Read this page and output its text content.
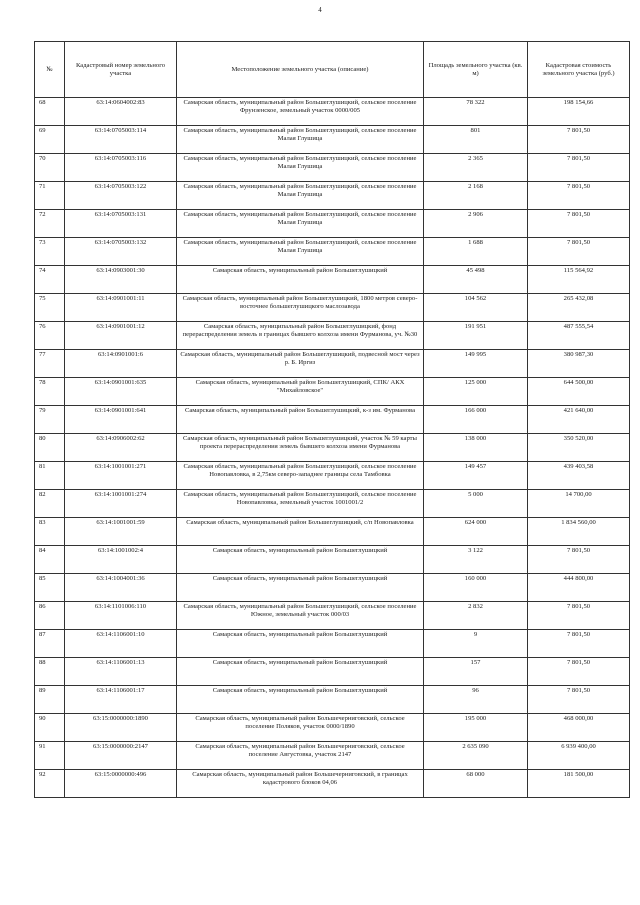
4
№	Кадастровый номер земельного участка	Местоположение земельного участка (описание)	Площадь земельного участка (кв. м)	Кадастровая стоимость земельного участка (руб.)
68	63:14:0604002:83	Самарская область, муниципальный район Большеглушицкий, сельское поселение Фрунзенское, земельный участок 0000/005	78 322	198 154,66
69	63:14:0705003:114	Самарская область, муниципальный район Большеглушицкий, сельское поселение Малая Глушица	801	7 801,50
70	63:14:0705003:116	Самарская область, муниципальный район Большеглушицкий, сельское поселение Малая Глушица	2 365	7 801,50
71	63:14:0705003:122	Самарская область, муниципальный район Большеглушицкий, сельское поселение Малая Глушица	2 168	7 801,50
72	63:14:0705003:131	Самарская область, муниципальный район Большеглушицкий, сельское поселение Малая Глушица	2 906	7 801,50
73	63:14:0705003:132	Самарская область, муниципальный район Большеглушицкий, сельское поселение Малая Глушица	1 688	7 801,50
74	63:14:0903001:30	Самарская область, муниципальный район Большеглушицкий	45 498	115 564,92
75	63:14:0901001:11	Самарская область, муниципальный район Большеглушицкий, 1800 метров северо-восточнее большеглушицкого маслозавода	104 562	265 432,08
76	63:14:0901001:12	Самарская область, муниципальный район Большеглушицкий, фонд перераспределения земель в границах бывшего колхоза имени Фурманова, уч. №30	191 951	487 555,54
77	63:14:0901001:6	Самарская область, муниципальный район Большеглушицкий, подвесной мост через р. Б. Иргиз	149 995	380 987,30
78	63:14:0901001:635	Самарская область, муниципальный район Большеглушицкий, СПК/ АКХ "Михайловское"	125 000	644 500,00
79	63:14:0901001:641	Самарская область, муниципальный район Большеглушицкий, к-з им. Фурманова	166 000	421 640,00
80	63:14:0906002:62	Самарская область, муниципальный район Большеглушицкий, участок № 59 карты проекта перераспределения земель бывшего колхоза имени Фурманова	138 000	350 520,00
81	63:14:1001001:271	Самарская область, муниципальный район Большеглушицкий, сельское поселение Новопавловка, в 2,75км северо-западнее границы села Тамбовка	149 457	439 403,58
82	63:14:1001001:274	Самарская область, муниципальный район Большеглушицкий, сельское поселение Новопавловка, земельный участок 1001001/2	5 000	14 700,00
83	63:14:1001001:59	Самарская область, муниципальный район Большеглушицкий, с/п Новопавловка	624 000	1 834 560,00
84	63:14:1001002:4	Самарская область, муниципальный район Большеглушицкий	3 122	7 801,50
85	63:14:1004001:36	Самарская область, муниципальный район Большеглушицкий	160 000	444 800,00
86	63:14:1101006:110	Самарская область, муниципальный район Большеглушицкий, сельское поселение Южное, земельный участок 000/03	2 832	7 801,50
87	63:14:1106001:10	Самарская область, муниципальный район Большеглушицкий	9	7 801,50
88	63:14:1106001:13	Самарская область, муниципальный район Большеглушицкий	157	7 801,50
89	63:14:1106001:17	Самарская область, муниципальный район Большеглушицкий	96	7 801,50
90	63:15:0000000:1890	Самарская область, муниципальный район Большечерниговский, сельское поселение Поляков, участок 0000/1890	195 000	468 000,00
91	63:15:0000000:2147	Самарская область, муниципальный район Большечерниговский, сельское поселение Августовка, участок 2147	2 635 090	6 939 400,00
92	63:15:0000000:496	Самарская область, муниципальный район Большечерниговский, в границах кадастрового блоков 04,06	68 000	181 500,00
